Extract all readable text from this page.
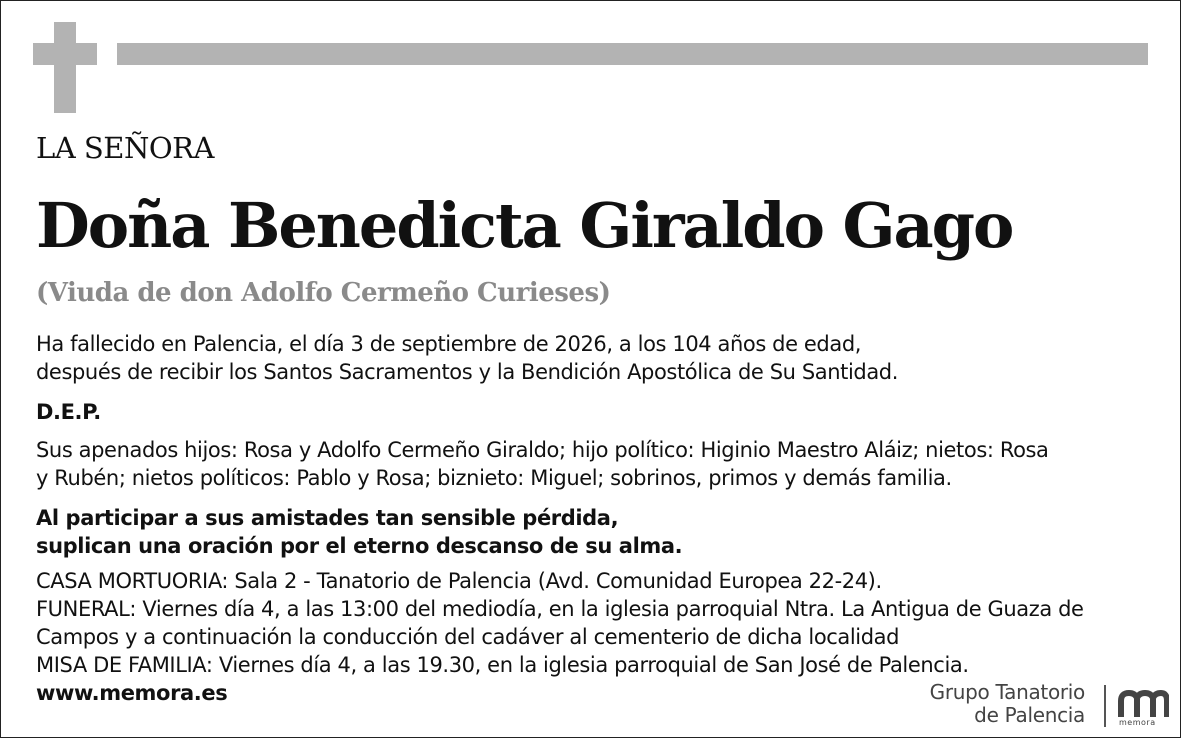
LA SEÑORA
Doña Benedicta Giraldo Gago
(Viuda de don Adolfo Cermeño Curieses)
Ha fallecido en Palencia, el día 3 de septiembre de 2026, a los 104 años de edad,
después de recibir los Santos Sacramentos y la Bendición Apostólica de Su Santidad.
D.E.P.
Sus apenados hijos: Rosa y Adolfo Cermeño Giraldo; hijo político: Higinio Maestro Aláiz; nietos: Rosa
y Rubén; nietos políticos: Pablo y Rosa; biznieto: Miguel; sobrinos, primos y demás familia.
Al participar a sus amistades tan sensible pérdida,
suplican una oración por el eterno descanso de su alma.
CASA MORTUORIA: Sala 2 - Tanatorio de Palencia (Avd. Comunidad Europea 22-24).
FUNERAL: Viernes día 4, a las 13:00 del mediodía, en la iglesia parroquial Ntra. La Antigua de Guaza de
Campos y a continuación la conducción del cadáver al cementerio de dicha localidad
MISA DE FAMILIA: Viernes día 4, a las 19.30, en la iglesia parroquial de San José de Palencia.
www.memora.es	Grupo Tanatorio
de Palencia	memora
